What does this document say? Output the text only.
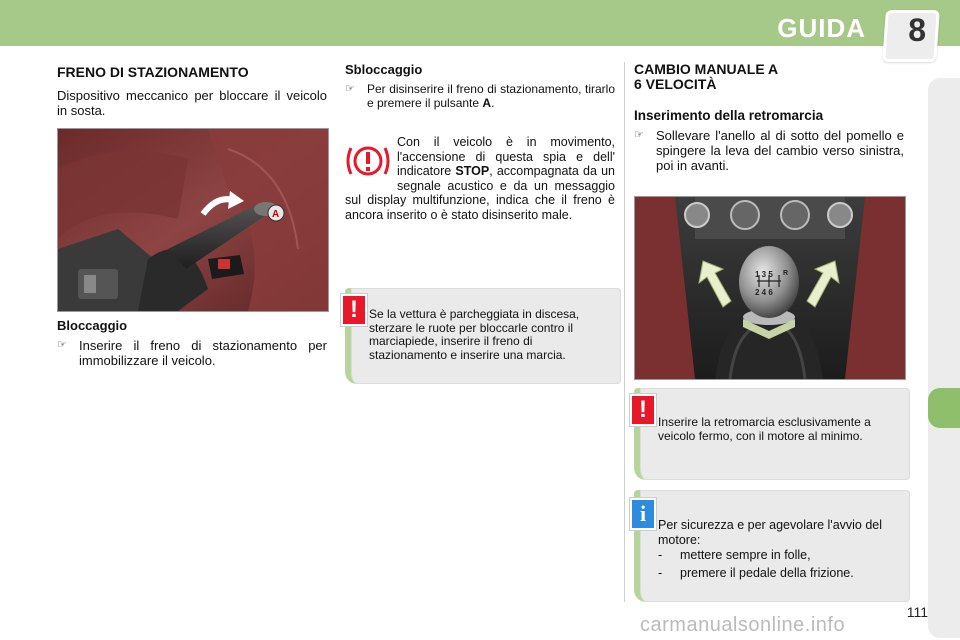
GUIDA 8
FRENO DI STAZIONAMENTO
Dispositivo meccanico per bloccare il veicolo in sosta.
A
Bloccaggio
☞ Inserire il freno di stazionamento per immobilizzare il veicolo.
Sbloccaggio
☞	Per disinserire il freno di stazionamento, tirarlo e premere il pulsante A.
Con il veicolo è in movimento, l'accensione di questa spia e dell' indicatore STOP, accompagnata da un segnale acustico e da un messaggio sul display multifunzione, indica che il freno è ancora inserito o è stato disinserito male.
Se la vettura è parcheggiata in discesa, sterzare le ruote per bloccarle contro il marciapiede, inserire il freno di stazionamento e inserire una marcia.
!
CAMBIO MANUALE A
6 VELOCITÀ
Inserimento della retromarcia
☞ Sollevare l'anello al di sotto del pomello e spingere la leva del cambio verso sinistra, poi in avanti.
1 3 5
2 4 6
R
Inserire la retromarcia esclusivamente a veicolo fermo, con il motore al minimo.
!
Per sicurezza e per agevolare l'avvio del motore:
- mettere sempre in folle,
- premere il pedale della frizione.
i
111
carmanualsonline.info
